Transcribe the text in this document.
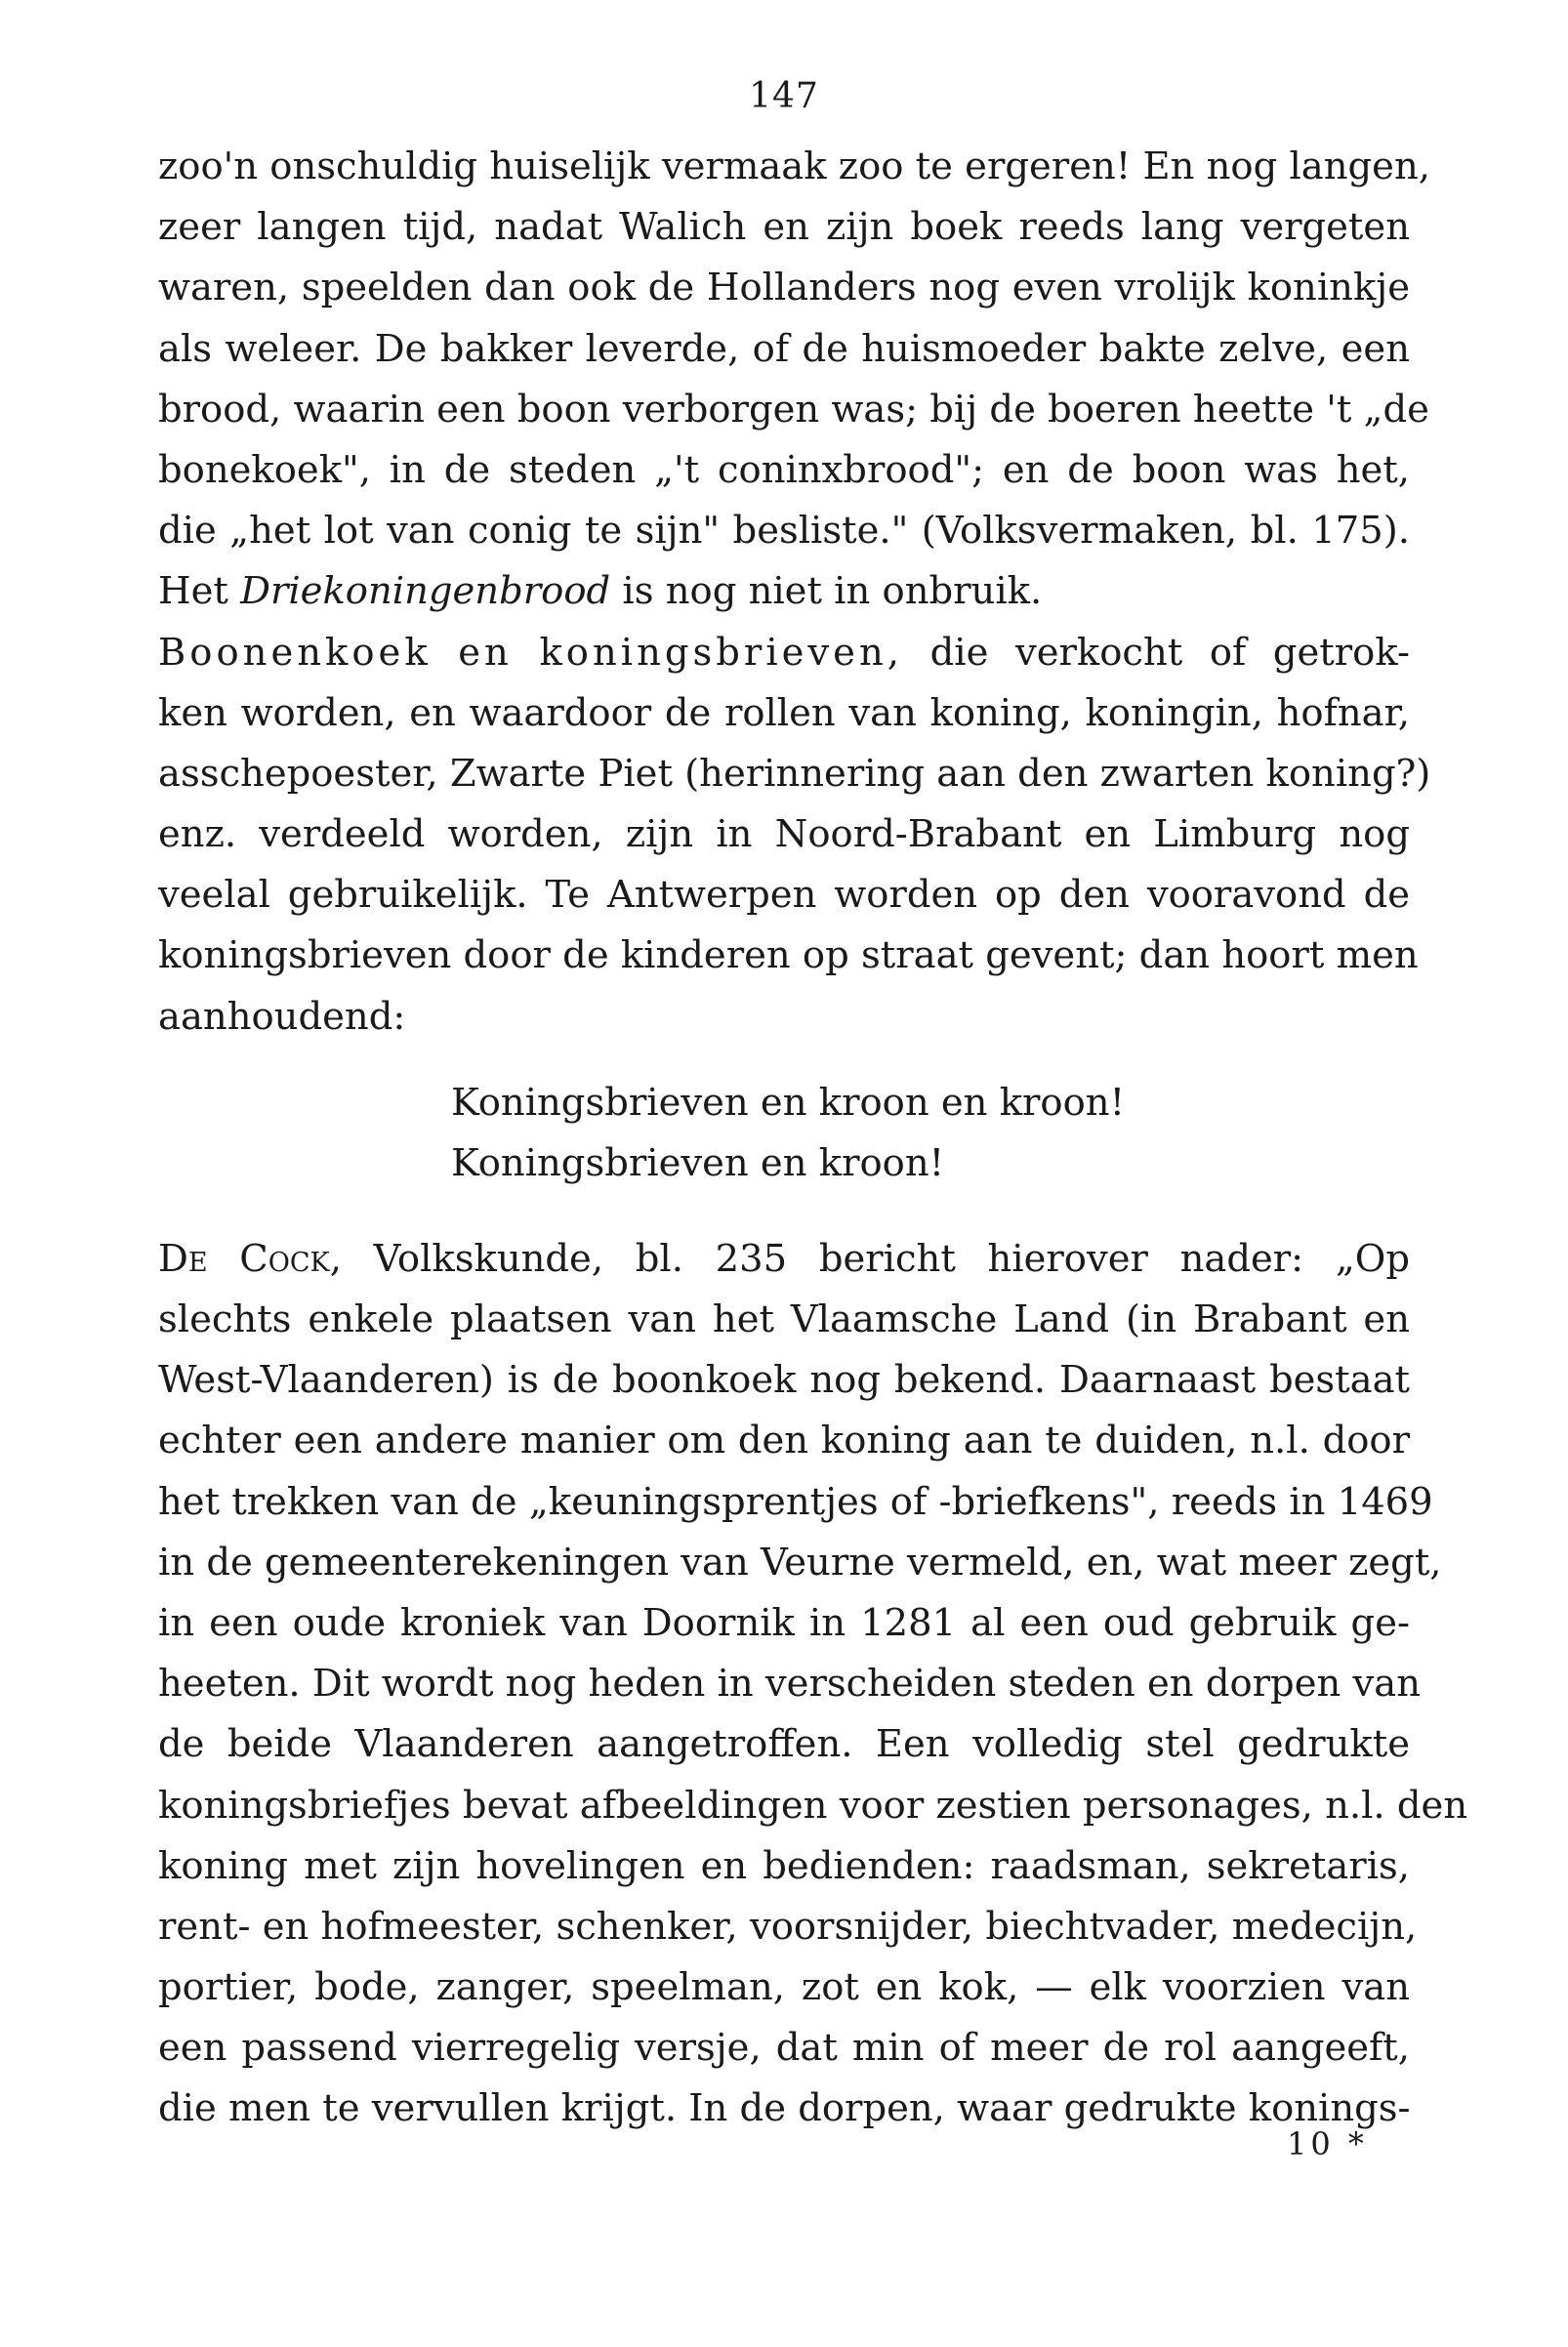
147
zoo'n onschuldig huiselijk vermaak zoo te ergeren! En nog langen,
zeer langen tijd, nadat Walich en zijn boek reeds lang vergeten
waren, speelden dan ook de Hollanders nog even vrolijk koninkje
als weleer. De bakker leverde, of de huismoeder bakte zelve, een
brood, waarin een boon verborgen was; bij de boeren heette 't „de
bonekoek", in de steden „'t coninxbrood"; en de boon was het,
die „het lot van conig te sijn" besliste." (Volksvermaken, bl. 175).
Het Driekoningenbrood is nog niet in onbruik.
Boonenkoek en koningsbrieven, die verkocht of getrok-
ken worden, en waardoor de rollen van koning, koningin, hofnar,
asschepoester, Zwarte Piet (herinnering aan den zwarten koning?)
enz. verdeeld worden, zijn in Noord-Brabant en Limburg nog
veelal gebruikelijk. Te Antwerpen worden op den vooravond de
koningsbrieven door de kinderen op straat gevent; dan hoort men
aanhoudend:
Koningsbrieven en kroon en kroon!
Koningsbrieven en kroon!
De Cock, Volkskunde, bl. 235 bericht hierover nader: „Op
slechts enkele plaatsen van het Vlaamsche Land (in Brabant en
West-Vlaanderen) is de boonkoek nog bekend. Daarnaast bestaat
echter een andere manier om den koning aan te duiden, n.l. door
het trekken van de „keuningsprentjes of -briefkens", reeds in 1469
in de gemeenterekeningen van Veurne vermeld, en, wat meer zegt,
in een oude kroniek van Doornik in 1281 al een oud gebruik ge-
heeten. Dit wordt nog heden in verscheiden steden en dorpen van
de beide Vlaanderen aangetroffen. Een volledig stel gedrukte
koningsbriefjes bevat afbeeldingen voor zestien personages, n.l. den
koning met zijn hovelingen en bedienden: raadsman, sekretaris,
rent- en hofmeester, schenker, voorsnijder, biechtvader, medecijn,
portier, bode, zanger, speelman, zot en kok, — elk voorzien van
een passend vierregelig versje, dat min of meer de rol aangeeft,
die men te vervullen krijgt. In de dorpen, waar gedrukte konings-
10 *
